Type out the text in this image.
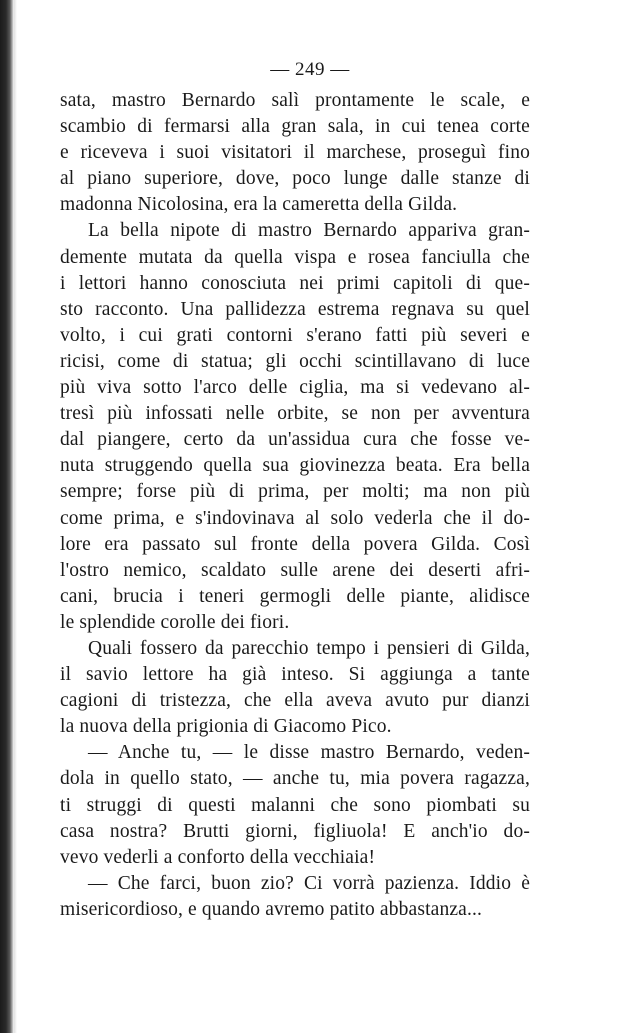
— 249 —
sata, mastro Bernardo salì prontamente le scale, e
scambio di fermarsi alla gran sala, in cui tenea corte
e riceveva i suoi visitatori il marchese, proseguì fino
al piano superiore, dove, poco lunge dalle stanze di
madonna Nicolosina, era la cameretta della Gilda.
La bella nipote di mastro Bernardo appariva gran-
demente mutata da quella vispa e rosea fanciulla che
i lettori hanno conosciuta nei primi capitoli di que-
sto racconto. Una pallidezza estrema regnava su quel
volto, i cui grati contorni s'erano fatti più severi e
ricisi, come di statua; gli occhi scintillavano di luce
più viva sotto l'arco delle ciglia, ma si vedevano al-
tresì più infossati nelle orbite, se non per avventura
dal piangere, certo da un'assidua cura che fosse ve-
nuta struggendo quella sua giovinezza beata. Era bella
sempre; forse più di prima, per molti; ma non più
come prima, e s'indovinava al solo vederla che il do-
lore era passato sul fronte della povera Gilda. Così
l'ostro nemico, scaldato sulle arene dei deserti afri-
cani, brucia i teneri germogli delle piante, alidisce
le splendide corolle dei fiori.
Quali fossero da parecchio tempo i pensieri di Gilda,
il savio lettore ha già inteso. Si aggiunga a tante
cagioni di tristezza, che ella aveva avuto pur dianzi
la nuova della prigionia di Giacomo Pico.
— Anche tu, — le disse mastro Bernardo, veden-
dola in quello stato, — anche tu, mia povera ragazza,
ti struggi di questi malanni che sono piombati su
casa nostra? Brutti giorni, figliuola! E anch'io do-
vevo vederli a conforto della vecchiaia!
— Che farci, buon zio? Ci vorrà pazienza. Iddio è
misericordioso, e quando avremo patito abbastanza...
